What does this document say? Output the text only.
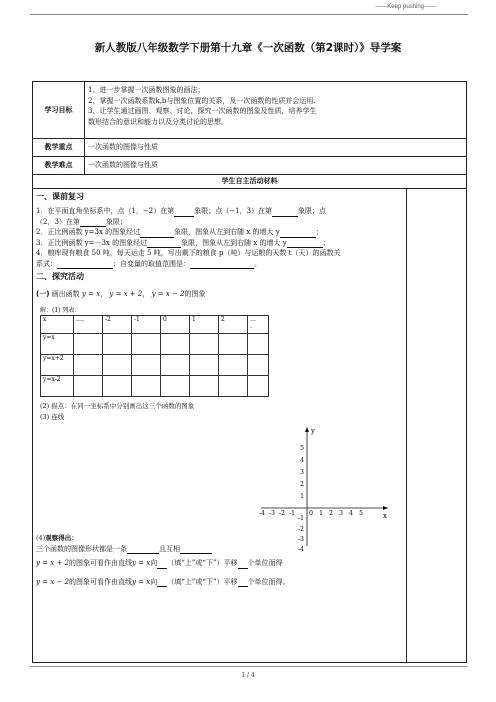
——Keep pushing——
新人教版八年级数学下册第十九章《一次函数（第2课时）》导学案
学习目标	
1、进一步掌握一次函数图象的画法；
2、掌握一次函数系数k,b与图象位置的关系，及一次函数的性质并会运用.
3、让学生通过画图、观察、讨论，探究一次函数的图象及性质，培养学生
数形结合的意识和能力以及分类讨论的思想。

教学重点	一次函数的图像与性质
教学难点	一次函数的图像与性质
学生自主活动材料

一、课前复习
1．在平面直角坐标系中，点（1，−2）在第	象限；点（−1，3）在第	象限；点
（2，3）在第	象限；
2．正比例函数 y=3x 的图象经过	象限，图象从左到右随 x 的增大 y	；
3．正比例函数 y=－3x 的图象经过	象限，图象从左到右随 x 的增大 y	；
4．粮库现有粮食 50 吨，每天运走 5 吨，写出剩下的粮食 p（吨）与运粮的天数 t（天）的函数关
系式：	；自变量的取值范围是：	。
二、探究活动
(一) 画出函数 y = x， y = x + 2， y = x − 2的图象
解：(1) 列表：
x	…，	-2	-1	0	1	2	…
.
y=x							
y=x+2							
y=x-2							
(2) 描点：在同一坐标系中分别画出这三个函数的图象
(3) 连线
y
x
5
4
3
2
1
-1
-2
-3
-4
-4 -3 -2 -1 0 1 2 3 4 5
(4)观察得出：
三个函数的图像形状都是一条	且互相
y = x + 2的图象可看作由直线y = x向 （填“上”或“下”）平移 个单位而得
y = x − 2的图象可看作由直线y = x向 （填“上”或“下”）平移 个单位而得。

1 / 4
